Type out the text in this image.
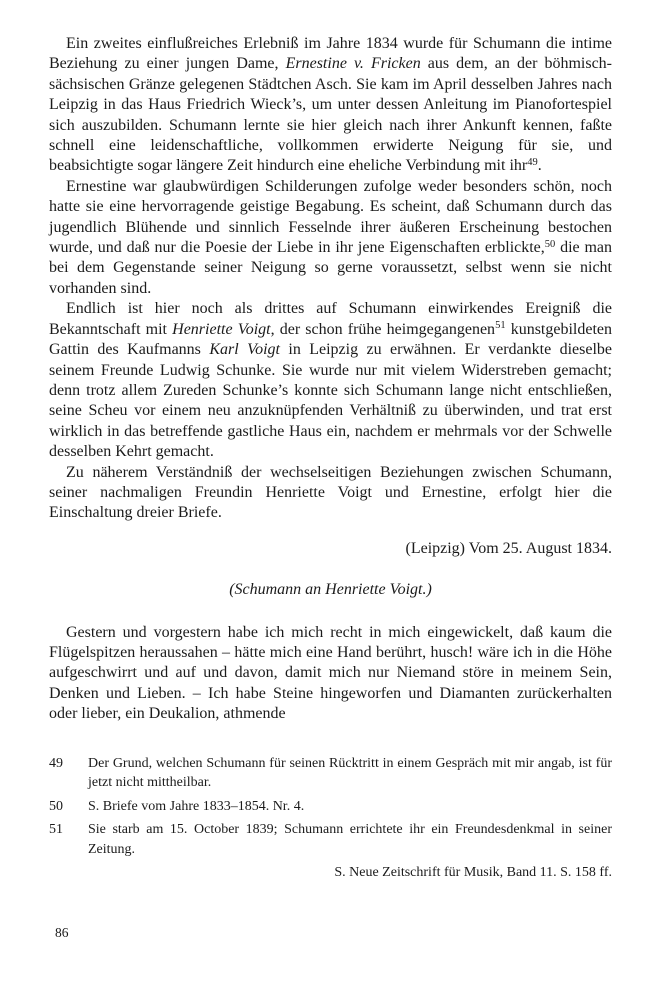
Ein zweites einflußreiches Erlebniß im Jahre 1834 wurde für Schumann die intime Beziehung zu einer jungen Dame, Ernestine v. Fricken aus dem, an der böhmisch-sächsischen Gränze gelegenen Städtchen Asch. Sie kam im April desselben Jahres nach Leipzig in das Haus Friedrich Wieck’s, um unter dessen Anleitung im Pianofortespiel sich auszubilden. Schumann lernte sie hier gleich nach ihrer Ankunft kennen, faßte schnell eine leidenschaftliche, vollkommen erwiderte Neigung für sie, und beabsichtigte sogar längere Zeit hindurch eine eheliche Verbindung mit ihr$^{49}$.

Ernestine war glaubwürdigen Schilderungen zufolge weder besonders schön, noch hatte sie eine hervorragende geistige Begabung. Es scheint, daß Schumann durch das jugendlich Blühende und sinnlich Fesselnde ihrer äußeren Erscheinung bestochen wurde, und daß nur die Poesie der Liebe in ihr jene Eigenschaften erblickte,$^{50}$ die man bei dem Gegenstande seiner Neigung so gerne voraussetzt, selbst wenn sie nicht vorhanden sind.

Endlich ist hier noch als drittes auf Schumann einwirkendes Ereigniß die Bekanntschaft mit Henriette Voigt, der schon frühe heimgegangenen$^{51}$ kunstgebildeten Gattin des Kaufmanns Karl Voigt in Leipzig zu erwähnen. Er verdankte dieselbe seinem Freunde Ludwig Schunke. Sie wurde nur mit vielem Widerstreben gemacht; denn trotz allem Zureden Schunke’s konnte sich Schumann lange nicht entschließen, seine Scheu vor einem neu anzuknüpfenden Verhältniß zu überwinden, und trat erst wirklich in das betreffende gastliche Haus ein, nachdem er mehrmals vor der Schwelle desselben Kehrt gemacht.

Zu näherem Verständniß der wechselseitigen Beziehungen zwischen Schumann, seiner nachmaligen Freundin Henriette Voigt und Ernestine, erfolgt hier die Einschaltung dreier Briefe.

(Leipzig) Vom 25. August 1834.

(Schumann an Henriette Voigt.)

Gestern und vorgestern habe ich mich recht in mich eingewickelt, daß kaum die Flügelspitzen heraussahen – hätte mich eine Hand berührt, husch! wäre ich in die Höhe aufgeschwirrt und auf und davon, damit mich nur Niemand störe in meinem Sein, Denken und Lieben. – Ich habe Steine hingeworfen und Diamanten zurückerhalten oder lieber, ein Deukalion, athmende

49	Der Grund, welchen Schumann für seinen Rücktritt in einem Gespräch mit mir angab, ist für jetzt nicht mittheilbar.
50	S. Briefe vom Jahre 1833–1854. Nr. 4.
51	Sie starb am 15. October 1839; Schumann errichtete ihr ein Freundesdenkmal in seiner Zeitung.
S. Neue Zeitschrift für Musik, Band 11. S. 158 ff.
86
